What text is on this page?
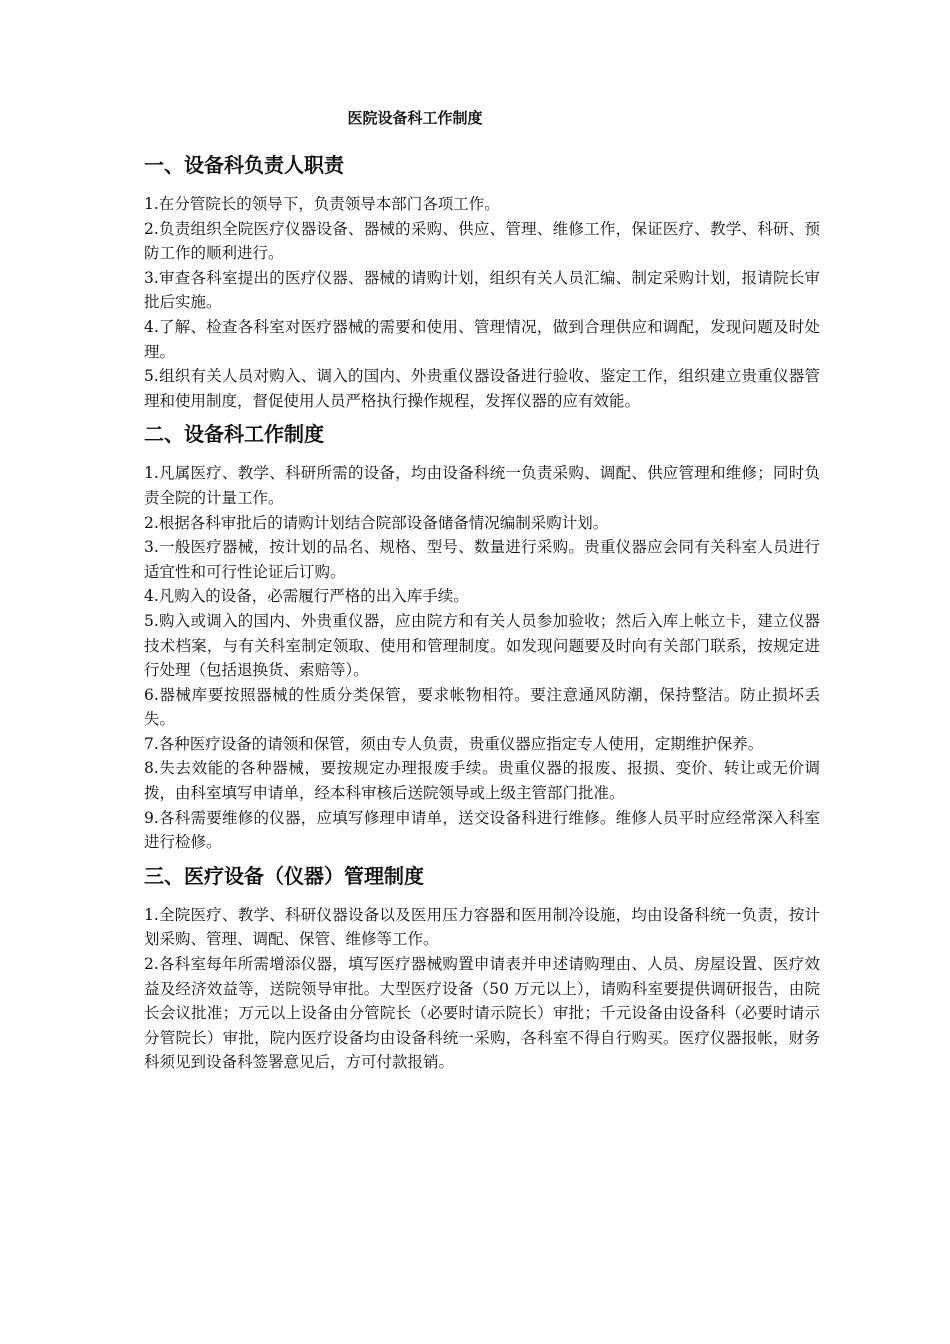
医院设备科工作制度
一、设备科负责人职责

1.在分管院长的领导下，负责领导本部门各项工作。

2.负责组织全院医疗仪器设备、器械的采购、供应、管理、维修工作，保证医疗、教学、科研、预防工作的顺利进行。

3.审查各科室提出的医疗仪器、器械的请购计划，组织有关人员汇编、制定采购计划，报请院长审批后实施。

4.了解、检查各科室对医疗器械的需要和使用、管理情况，做到合理供应和调配，发现问题及时处理。

5.组织有关人员对购入、调入的国内、外贵重仪器设备进行验收、鉴定工作，组织建立贵重仪器管理和使用制度，督促使用人员严格执行操作规程，发挥仪器的应有效能。

二、设备科工作制度

1.凡属医疗、教学、科研所需的设备，均由设备科统一负责采购、调配、供应管理和维修；同时负责全院的计量工作。

2.根据各科审批后的请购计划结合院部设备储备情况编制采购计划。

3.一般医疗器械，按计划的品名、规格、型号、数量进行采购。贵重仪器应会同有关科室人员进行适宜性和可行性论证后订购。

4.凡购入的设备，必需履行严格的出入库手续。

5.购入或调入的国内、外贵重仪器，应由院方和有关人员参加验收；然后入库上帐立卡，建立仪器技术档案，与有关科室制定领取、使用和管理制度。如发现问题要及时向有关部门联系，按规定进行处理（包括退换货、索赔等）。

6.器械库要按照器械的性质分类保管，要求帐物相符。要注意通风防潮，保持整洁。防止损坏丢失。

7.各种医疗设备的请领和保管，须由专人负责，贵重仪器应指定专人使用，定期维护保养。

8.失去效能的各种器械，要按规定办理报废手续。贵重仪器的报废、报损、变价、转让或无价调拨，由科室填写申请单，经本科审核后送院领导或上级主管部门批准。

9.各科需要维修的仪器，应填写修理申请单，送交设备科进行维修。维修人员平时应经常深入科室进行检修。

三、医疗设备（仪器）管理制度

1.全院医疗、教学、科研仪器设备以及医用压力容器和医用制冷设施，均由设备科统一负责，按计划采购、管理、调配、保管、维修等工作。

2.各科室每年所需增添仪器，填写医疗器械购置申请表并申述请购理由、人员、房屋设置、医疗效益及经济效益等，送院领导审批。大型医疗设备（50 万元以上），请购科室要提供调研报告，由院长会议批准；万元以上设备由分管院长（必要时请示院长）审批；千元设备由设备科（必要时请示分管院长）审批，院内医疗设备均由设备科统一采购，各科室不得自行购买。医疗仪器报帐，财务科须见到设备科签署意见后，方可付款报销。
